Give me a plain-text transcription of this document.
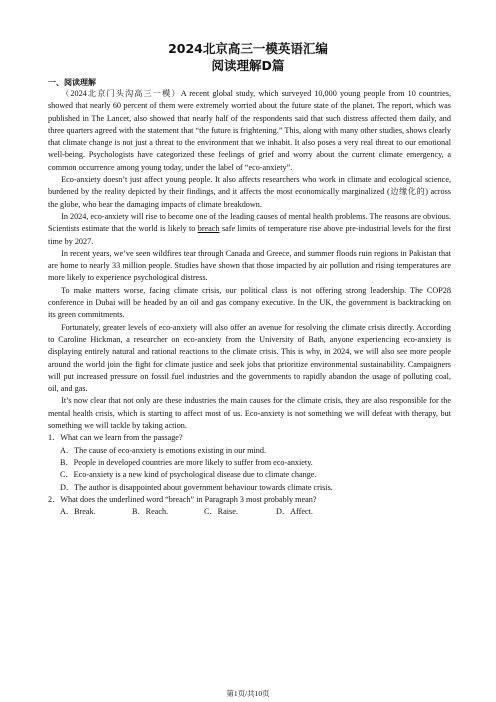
2024北京高三一模英语汇编
阅读理解D篇
一、阅读理解

（2024北京门头沟高三一模）A recent global study, which surveyed 10,000 young people from 10 countries, showed that nearly 60 percent of them were extremely worried about the future state of the planet. The report, which was published in The Lancet, also showed that nearly half of the respondents said that such distress affected them daily, and three quarters agreed with the statement that “the future is frightening.” This, along with many other studies, shows clearly that climate change is not just a threat to the environment that we inhabit. It also poses a very real threat to our emotional well-being. Psychologists have categorized these feelings of grief and worry about the current climate emergency, a common occurrence among young today, under the label of “eco-anxiety”.

Eco-anxiety doesn’t just affect young people. It also affects researchers who work in climate and ecological science, burdened by the reality depicted by their findings, and it affects the most economically marginalized (边缘化的) across the globe, who bear the damaging impacts of climate breakdown.

In 2024, eco-anxiety will rise to become one of the leading causes of mental health problems. The reasons are obvious. Scientists estimate that the world is likely to breach safe limits of temperature rise above pre-industrial levels for the first time by 2027.

In recent years, we’ve seen wildfires tear through Canada and Greece, and summer floods ruin regions in Pakistan that are home to nearly 33 million people. Studies have shown that those impacted by air pollution and rising temperatures are more likely to experience psychological distress.

To make matters worse, facing climate crisis, our political class is not offering strong leadership. The COP28 conference in Dubai will be headed by an oil and gas company executive. In the UK, the government is backtracking on its green commitments.

Fortunately, greater levels of eco-anxiety will also offer an avenue for resolving the climate crisis directly. According to Caroline Hickman, a researcher on eco-anxiety from the University of Bath, anyone experiencing eco-anxiety is displaying entirely natural and rational reactions to the climate crisis. This is why, in 2024, we will also see more people around the world join the fight for climate justice and seek jobs that prioritize environmental sustainability. Campaigners will put increased pressure on fossil fuel industries and the governments to rapidly abandon the usage of polluting coal, oil, and gas.

It’s now clear that not only are these industries the main causes for the climate crisis, they are also responsible for the mental health crisis, which is starting to affect most of us. Eco-anxiety is not something we will defeat with therapy, but something we will tackle by taking action.

1．What can we learn from the passage?
A．The cause of eco-anxiety is emotions existing in our mind.
B．People in developed countries are more likely to suffer from eco-anxiety.
C．Eco-anxiety is a new kind of psychological disease due to climate change.
D．The author is disappointed about government behaviour towards climate crisis.
2．What does the underlined word “breach” in Paragraph 3 most probably mean?
A．Break.	B．Reach.	C．Raise.	D．Affect.
第1页/共10页
